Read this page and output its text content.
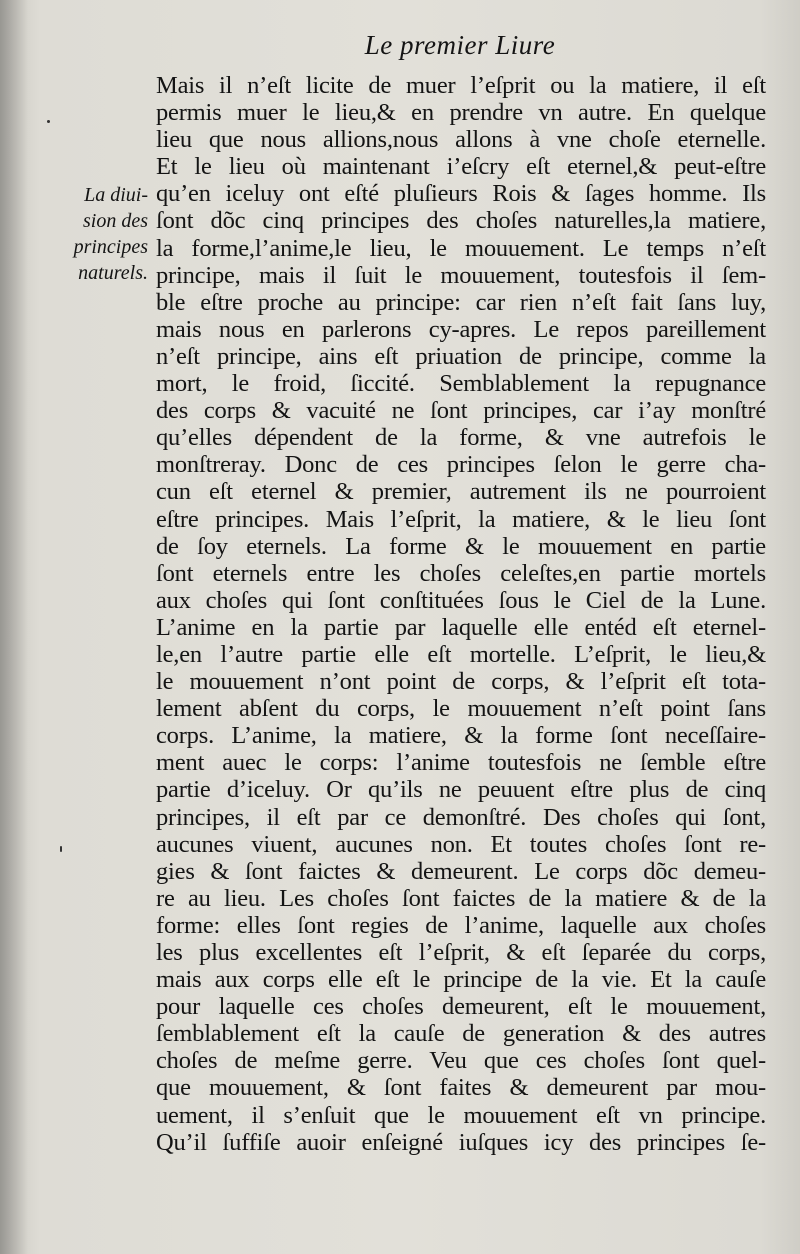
Le premier Liure
La diui-
sion des
principes
naturels.
Mais il n’eſt licite de muer l’eſprit ou la matiere, il eſt
permis muer le lieu,& en prendre vn autre. En quelque
lieu que nous allions,nous allons à vne choſe eternelle.
Et le lieu où maintenant i’eſcry eſt eternel,& peut-eſtre
qu’en iceluy ont eſté pluſieurs Rois & ſages homme. Ils
ſont dõc cinq principes des choſes naturelles,la matiere,
la forme,l’anime,le lieu, le mouuement. Le temps n’eſt
principe, mais il ſuit le mouuement, toutesfois il ſem-
ble eſtre proche au principe: car rien n’eſt fait ſans luy,
mais nous en parlerons cy-apres. Le repos pareillement
n’eſt principe, ains eſt priuation de principe, comme la
mort, le froid, ſiccité. Semblablement la repugnance
des corps & vacuité ne ſont principes, car i’ay monſtré
qu’elles dépendent de la forme, & vne autrefois le
monſtreray. Donc de ces principes ſelon le gerre cha-
cun eſt eternel & premier, autrement ils ne pourroient
eſtre principes. Mais l’eſprit, la matiere, & le lieu ſont
de ſoy eternels. La forme & le mouuement en partie
ſont eternels entre les choſes celeſtes,en partie mortels
aux choſes qui ſont conſtituées ſous le Ciel de la Lune.
L’anime en la partie par laquelle elle entéd eſt eternel-
le,en l’autre partie elle eſt mortelle. L’eſprit, le lieu,&
le mouuement n’ont point de corps, & l’eſprit eſt tota-
lement abſent du corps, le mouuement n’eſt point ſans
corps. L’anime, la matiere, & la forme ſont neceſſaire-
ment auec le corps: l’anime toutesfois ne ſemble eſtre
partie d’iceluy. Or qu’ils ne peuuent eſtre plus de cinq
principes, il eſt par ce demonſtré. Des choſes qui ſont,
aucunes viuent, aucunes non. Et toutes choſes ſont re-
gies & ſont faictes & demeurent. Le corps dõc demeu-
re au lieu. Les choſes ſont faictes de la matiere & de la
forme: elles ſont regies de l’anime, laquelle aux choſes
les plus excellentes eſt l’eſprit, & eſt ſeparée du corps,
mais aux corps elle eſt le principe de la vie. Et la cauſe
pour laquelle ces choſes demeurent, eſt le mouuement,
ſemblablement eſt la cauſe de generation & des autres
choſes de meſme gerre. Veu que ces choſes ſont quel-
que mouuement, & ſont faites & demeurent par mou-
uement, il s’enſuit que le mouuement eſt vn principe.
Qu’il ſuffiſe auoir enſeigné iuſques icy des principes ſe-
